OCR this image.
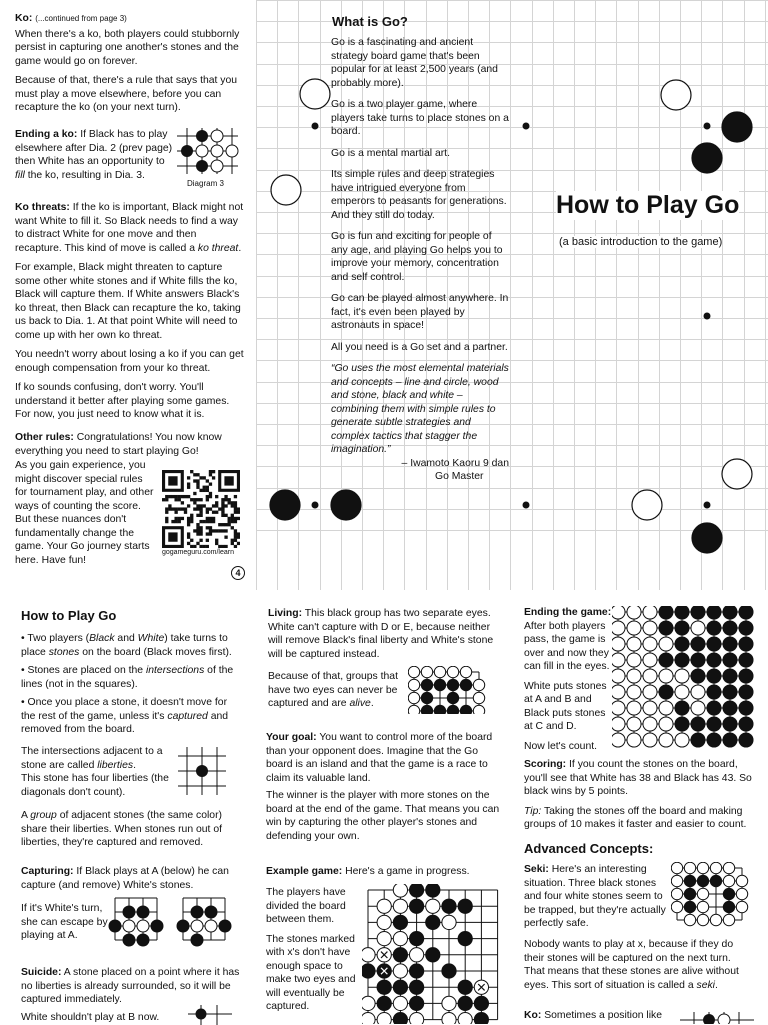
Ko: (...continued from page 3)

When there's a ko, both players could stubbornly persist in capturing one another's stones and the game would go on forever.

Because of that, there's a rule that says that you must play a move elsewhere, before you can recapture the ko (on your next turn).

Ending a ko: If Black has to play elsewhere after Dia. 2 (prev page) then White has an opportunity to fill the ko, resulting in Dia. 3.

Diagram 3

Ko threats: If the ko is important, Black might not want White to fill it. So Black needs to find a way to distract White for one move and then recapture. This kind of move is called a ko threat.

For example, Black might threaten to capture some other white stones and if White fills the ko, Black will capture them. If White answers Black's ko threat, then Black can recapture the ko, taking us back to Dia. 1. At that point White will need to come up with her own ko threat.

You needn't worry about losing a ko if you can get enough compensation from your ko threat.

If ko sounds confusing, don't worry. You'll understand it better after playing some games. For now, you just need to know what it is.

Other rules: Congratulations! You now know everything you need to start playing Go!

As you gain experience, you might discover special rules for tournament play, and other ways of counting the score. But these nuances don't fundamentally change the game. Your Go journey starts here. Have fun!
gogameguru.com/learn
4
What is Go?

Go is a fascinating and ancient strategy board game that's been popular for at least 2,500 years (and probably more).

Go is a two player game, where players take turns to place stones on a board.

Go is a mental martial art.

Its simple rules and deep strategies have intrigued everyone from emperors to peasants for generations. And they still do today.

Go is fun and exciting for people of any age, and playing Go helps you to improve your memory, concentration and self control.

Go can be played almost anywhere. In fact, it's even been played by astronauts in space!

All you need is a Go set and a partner.

“Go uses the most elemental materials and concepts – line and circle, wood and stone, black and white – combining them with simple rules to generate subtle strategies and complex tactics that stagger the imagination.”

– Iwamoto Kaoru 9 dan
Go Master
How to Play Go
(a basic introduction to the game)
How to Play Go
• Two players (Black and White) take turns to place stones on the board (Black moves first).
• Stones are placed on the intersections of the lines (not in the squares).
• Once you place a stone, it doesn't move for the rest of the game, unless it's captured and removed from the board.
The intersections adjacent to a stone are called liberties.
This stone has four liberties (the diagonals don't count).
A group of adjacent stones (the same color) share their liberties. When stones run out of liberties, they're captured and removed.
Capturing: If Black plays at A (below) he can capture (and remove) White's stones.
If it's White's turn, she can escape by playing at A.
Suicide: A stone placed on a point where it has no liberties is already surrounded, so it will be captured immediately.
White shouldn't play at B now.
Living: This black group has two separate eyes. White can't capture with D or E, because neither will remove Black's final liberty and White's stone will be captured instead.
Because of that, groups that have two eyes can never be captured and are alive.
Your goal: You want to control more of the board than your opponent does. Imagine that the Go board is an island and that the game is a race to claim its valuable land.
The winner is the player with more stones on the board at the end of the game. That means you can win by capturing the other player's stones and defending your own.
Example game: Here's a game in progress.

The players have divided the board between them.

The stones marked with x's don't have enough space to make two eyes and will eventually be captured.

Ending the game:

After both players pass, the game is over and now they can fill in the eyes.

White puts stones at A and B and Black puts stones at C and D.

Now let's count.

Scoring: If you count the stones on the board, you'll see that White has 38 and Black has 43. So black wins by 5 points.

Tip: Taking the stones off the board and making groups of 10 makes it faster and easier to count.

Advanced Concepts:
Seki: Here's an interesting situation. Three black stones and four white stones seem to be trapped, but they're actually perfectly safe.
Nobody wants to play at x, because if they do their stones will be captured on the next turn. That means that these stones are alive without eyes. This sort of situation is called a seki.
Ko: Sometimes a position like
